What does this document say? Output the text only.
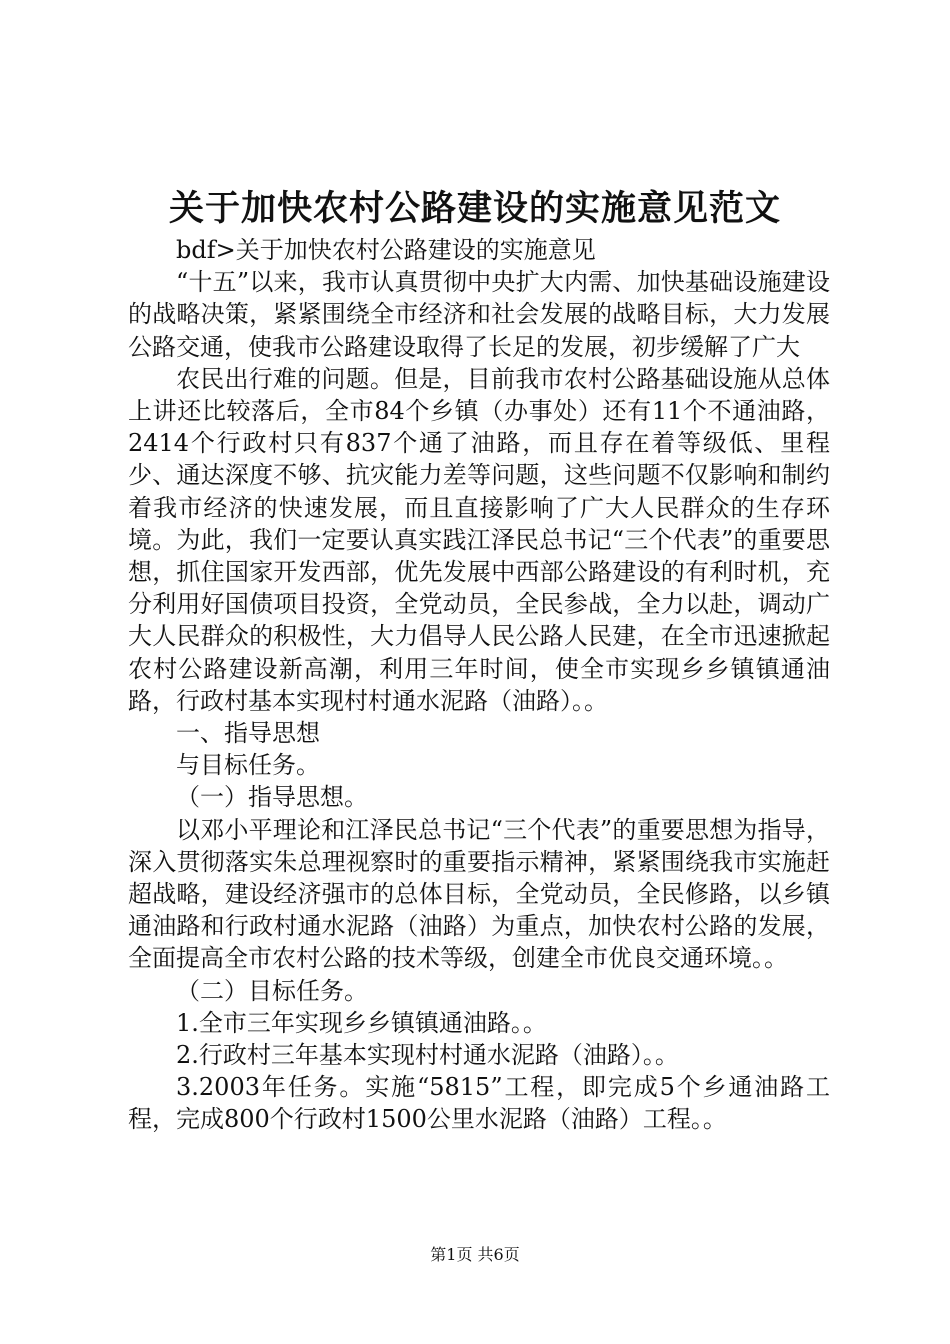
关于加快农村公路建设的实施意见范文

bdf>关于加快农村公路建设的实施意见

“十五”以来，我市认真贯彻中央扩大内需、加快基础设施建设的战略决策，紧紧围绕全市经济和社会发展的战略目标，大力发展公路交通，使我市公路建设取得了长足的发展，初步缓解了广大

农民出行难的问题。但是，目前我市农村公路基础设施从总体上讲还比较落后，全市84个乡镇（办事处）还有11个不通油路，2414个行政村只有837个通了油路，而且存在着等级低、里程少、通达深度不够、抗灾能力差等问题，这些问题不仅影响和制约着我市经济的快速发展，而且直接影响了广大人民群众的生存环境。为此，我们一定要认真实践江泽民总书记“三个代表”的重要思想，抓住国家开发西部，优先发展中西部公路建设的有利时机，充分利用好国债项目投资，全党动员，全民参战，全力以赴，调动广大人民群众的积极性，大力倡导人民公路人民建，在全市迅速掀起农村公路建设新高潮，利用三年时间，使全市实现乡乡镇镇通油路，行政村基本实现村村通水泥路（油路）。。

一、指导思想

与目标任务。

（一）指导思想。

以邓小平理论和江泽民总书记“三个代表”的重要思想为指导，深入贯彻落实朱总理视察时的重要指示精神，紧紧围绕我市实施赶超战略，建设经济强市的总体目标，全党动员，全民修路，以乡镇通油路和行政村通水泥路（油路）为重点，加快农村公路的发展，全面提高全市农村公路的技术等级，创建全市优良交通环境。。

（二）目标任务。

1.全市三年实现乡乡镇镇通油路。。

2.行政村三年基本实现村村通水泥路（油路）。。

3.2003年任务。实施“5815”工程，即完成5个乡通油路工程，完成800个行政村1500公里水泥路（油路）工程。。

第1页 共6页
